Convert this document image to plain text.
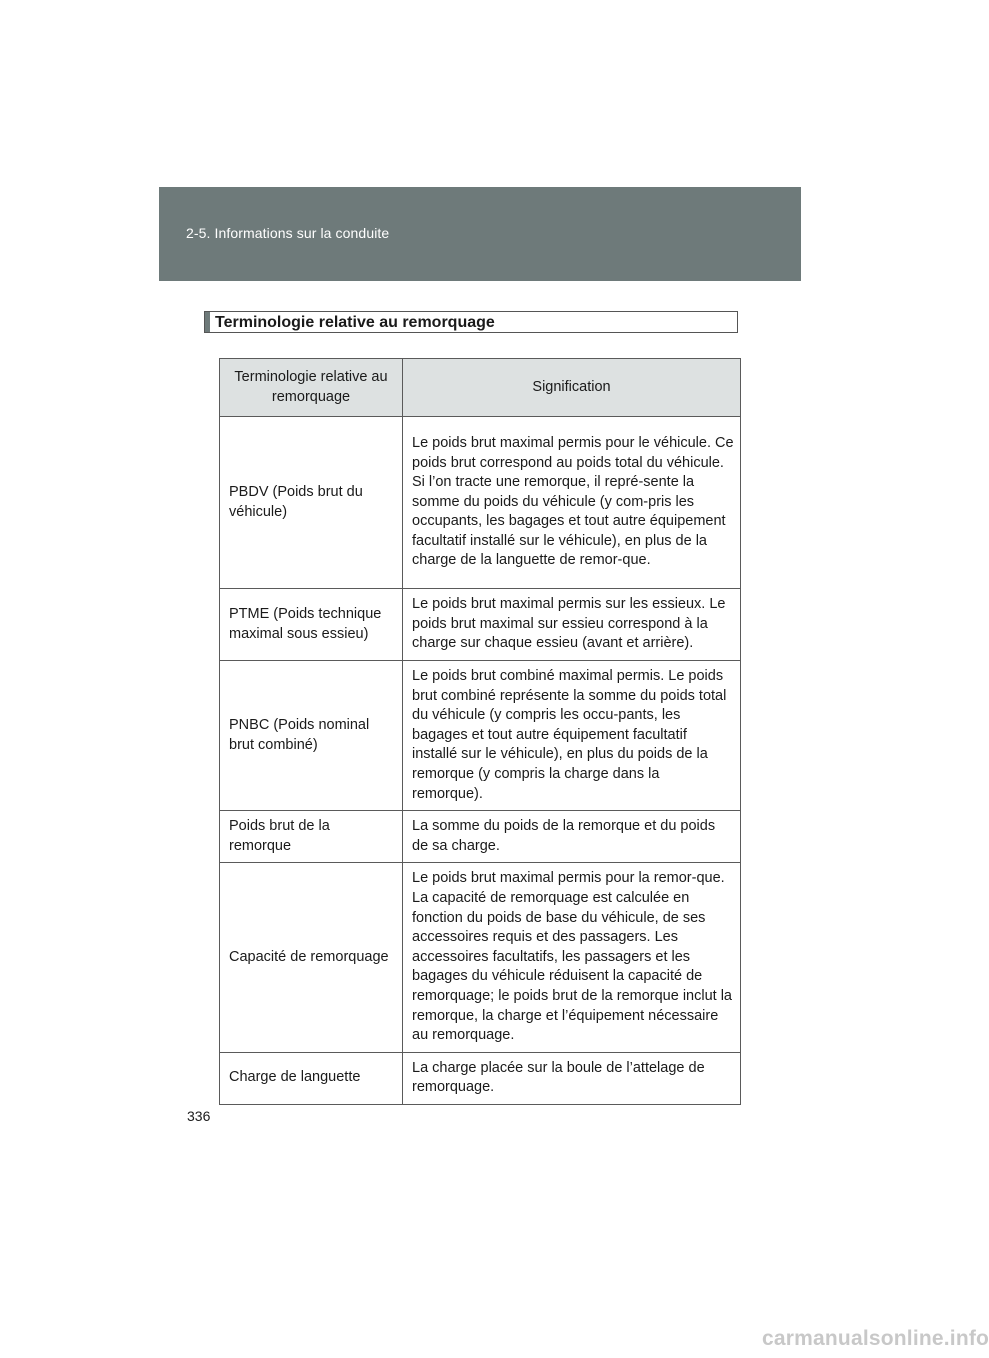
2-5. Informations sur la conduite
Terminologie relative au remorquage
Terminologie relative au remorquage	Signification
PBDV (Poids brut du véhicule)	Le poids brut maximal permis pour le véhicule. Ce poids brut correspond au poids total du véhicule. Si l’on tracte une remorque, il repré-sente la somme du poids du véhicule (y com-pris les occupants, les bagages et tout autre équipement facultatif installé sur le véhicule), en plus de la charge de la languette de remor-que.
PTME (Poids technique maximal sous essieu)	Le poids brut maximal permis sur les essieux. Le poids brut maximal sur essieu correspond à la charge sur chaque essieu (avant et arrière).
PNBC (Poids nominal brut combiné)	Le poids brut combiné maximal permis. Le poids brut combiné représente la somme du poids total du véhicule (y compris les occu-pants, les bagages et tout autre équipement facultatif installé sur le véhicule), en plus du poids de la remorque (y compris la charge dans la remorque).
Poids brut de la remorque	La somme du poids de la remorque et du poids de sa charge.
Capacité de remorquage	Le poids brut maximal permis pour la remor-que. La capacité de remorquage est calculée en fonction du poids de base du véhicule, de ses accessoires requis et des passagers. Les accessoires facultatifs, les passagers et les bagages du véhicule réduisent la capacité de remorquage; le poids brut de la remorque inclut la remorque, la charge et l’équipement nécessaire au remorquage.
Charge de languette	La charge placée sur la boule de l’attelage de remorquage.
336
carmanualsonline.info
